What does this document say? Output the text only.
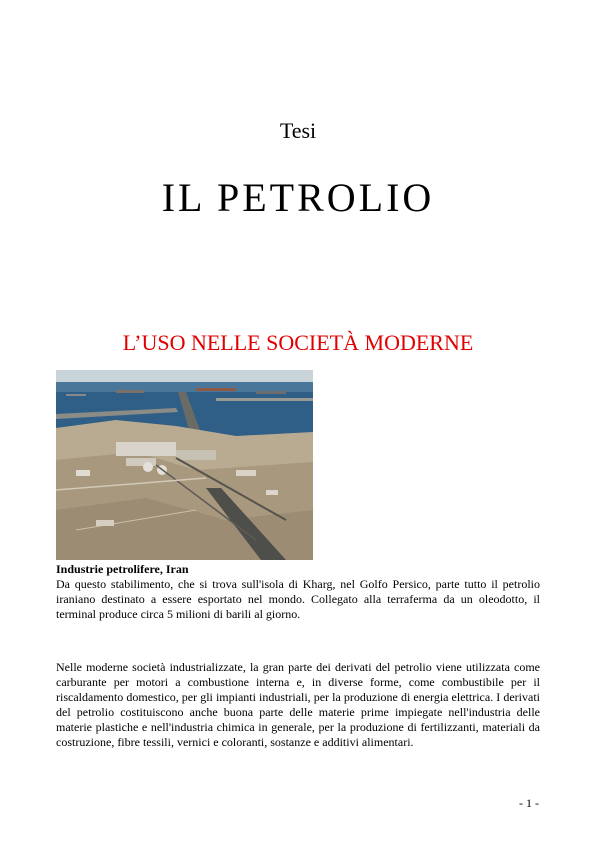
Tesi
IL PETROLIO
L’USO NELLE SOCIETÀ MODERNE
Industrie petrolifere, Iran
Da questo stabilimento, che si trova sull'isola di Kharg, nel Golfo Persico, parte tutto il petrolio iraniano destinato a essere esportato nel mondo. Collegato alla terraferma da un oleodotto, il terminal produce circa 5 milioni di barili al giorno.
Nelle moderne società industrializzate, la gran parte dei derivati del petrolio viene utilizzata come carburante per motori a combustione interna e, in diverse forme, come combustibile per il riscaldamento domestico, per gli impianti industriali, per la produzione di energia elettrica. I derivati del petrolio costituiscono anche buona parte delle materie prime impiegate nell'industria delle materie plastiche e nell'industria chimica in generale, per la produzione di fertilizzanti, materiali da costruzione, fibre tessili, vernici e coloranti, sostanze e additivi alimentari.
- 1 -
